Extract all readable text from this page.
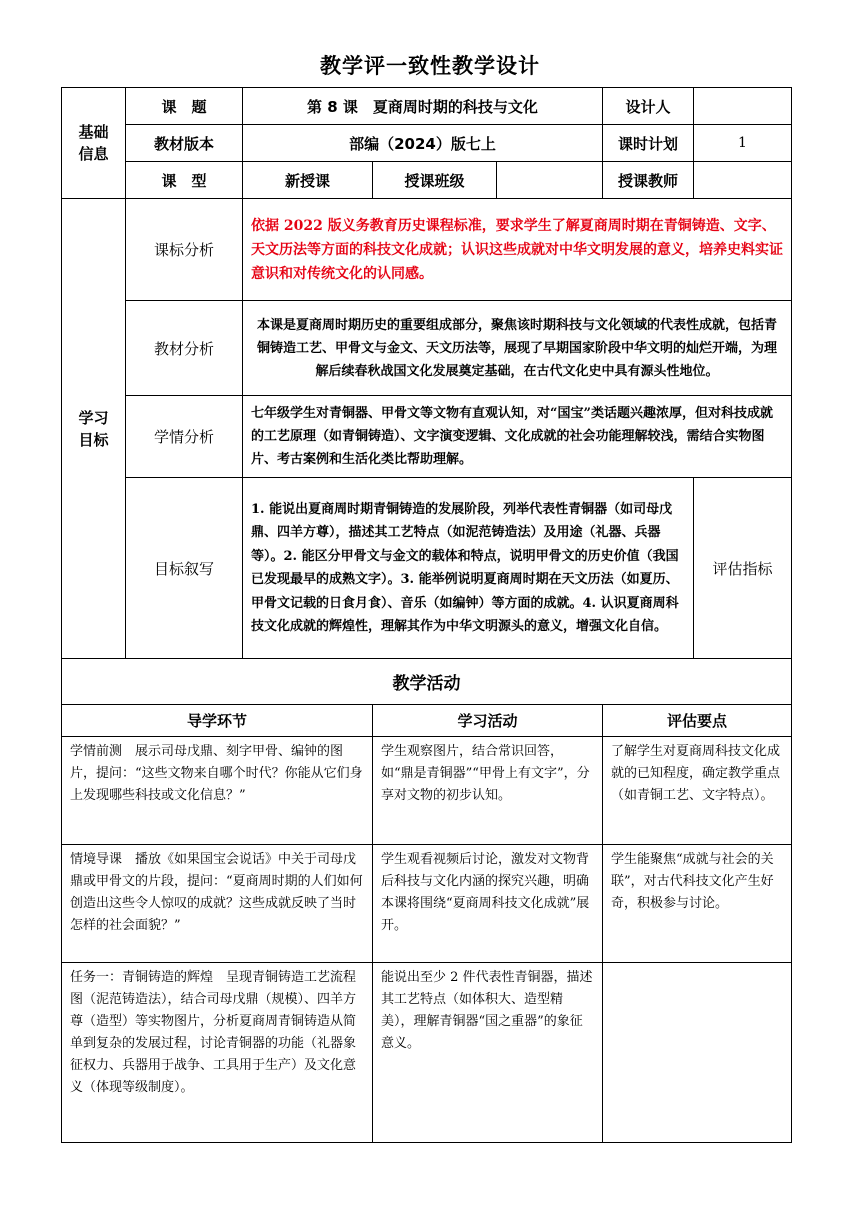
教学评一致性教学设计
基础信息	课　题	第 8 课　夏商周时期的科技与文化			设计人	
	教材版本	部编（2024）版七上			课时计划	1
	课　型	新授课	授课班级		授课教师	

学习目标	课标分析	依据 2022 版义务教育历史课程标准，要求学生了解夏商周时期在青铜铸造、文字、天文历法等方面的科技文化成就；认识这些成就对中华文明发展的意义，培养史料实证意识和对传统文化的认同感。				
	教材分析	本课是夏商周时期历史的重要组成部分，聚焦该时期科技与文化领域的代表性成就，包括青铜铸造工艺、甲骨文与金文、天文历法等，展现了早期国家阶段中华文明的灿烂开端，为理解后续春秋战国文化发展奠定基础，在古代文化史中具有源头性地位。				
	学情分析	七年级学生对青铜器、甲骨文等文物有直观认知，对“国宝”类话题兴趣浓厚，但对科技成就的工艺原理（如青铜铸造）、文字演变逻辑、文化成就的社会功能理解较浅，需结合实物图片、考古案例和生活化类比帮助理解。				
	目标叙写	1. 能说出夏商周时期青铜铸造的发展阶段，列举代表性青铜器（如司母戊鼎、四羊方尊），描述其工艺特点（如泥范铸造法）及用途（礼器、兵器等）。2. 能区分甲骨文与金文的载体和特点，说明甲骨文的历史价值（我国已发现最早的成熟文字）。3. 能举例说明夏商周时期在天文历法（如夏历、甲骨文记载的日食月食）、音乐（如编钟）等方面的成就。4. 认识夏商周科技文化成就的辉煌性，理解其作为中华文明源头的意义，增强文化自信。				评估指标
教学活动						
导学环节			学习活动		评估要点	
学情前测　展示司母戊鼎、刻字甲骨、编钟的图片，提问：“这些文物来自哪个时代？你能从它们身上发现哪些科技或文化信息？”			学生观察图片，结合常识回答，如“鼎是青铜器”“甲骨上有文字”，分享对文物的初步认知。		了解学生对夏商周科技文化成就的已知程度，确定教学重点（如青铜工艺、文字特点）。	
情境导课　播放《如果国宝会说话》中关于司母戊鼎或甲骨文的片段，提问：“夏商周时期的人们如何创造出这些令人惊叹的成就？这些成就反映了当时怎样的社会面貌？”			学生观看视频后讨论，激发对文物背后科技与文化内涵的探究兴趣，明确本课将围绕“夏商周科技文化成就”展开。		学生能聚焦“成就与社会的关联”，对古代科技文化产生好奇，积极参与讨论。	
任务一：青铜铸造的辉煌　呈现青铜铸造工艺流程图（泥范铸造法），结合司母戊鼎（规模）、四羊方尊（造型）等实物图片，分析夏商周青铜铸造从简单到复杂的发展过程，讨论青铜器的功能（礼器象征权力、兵器用于战争、工具用于生产）及文化意义（体现等级制度）。			能说出至少 2 件代表性青铜器，描述其工艺特点（如体积大、造型精美），理解青铜器“国之重器”的象征意义。			
